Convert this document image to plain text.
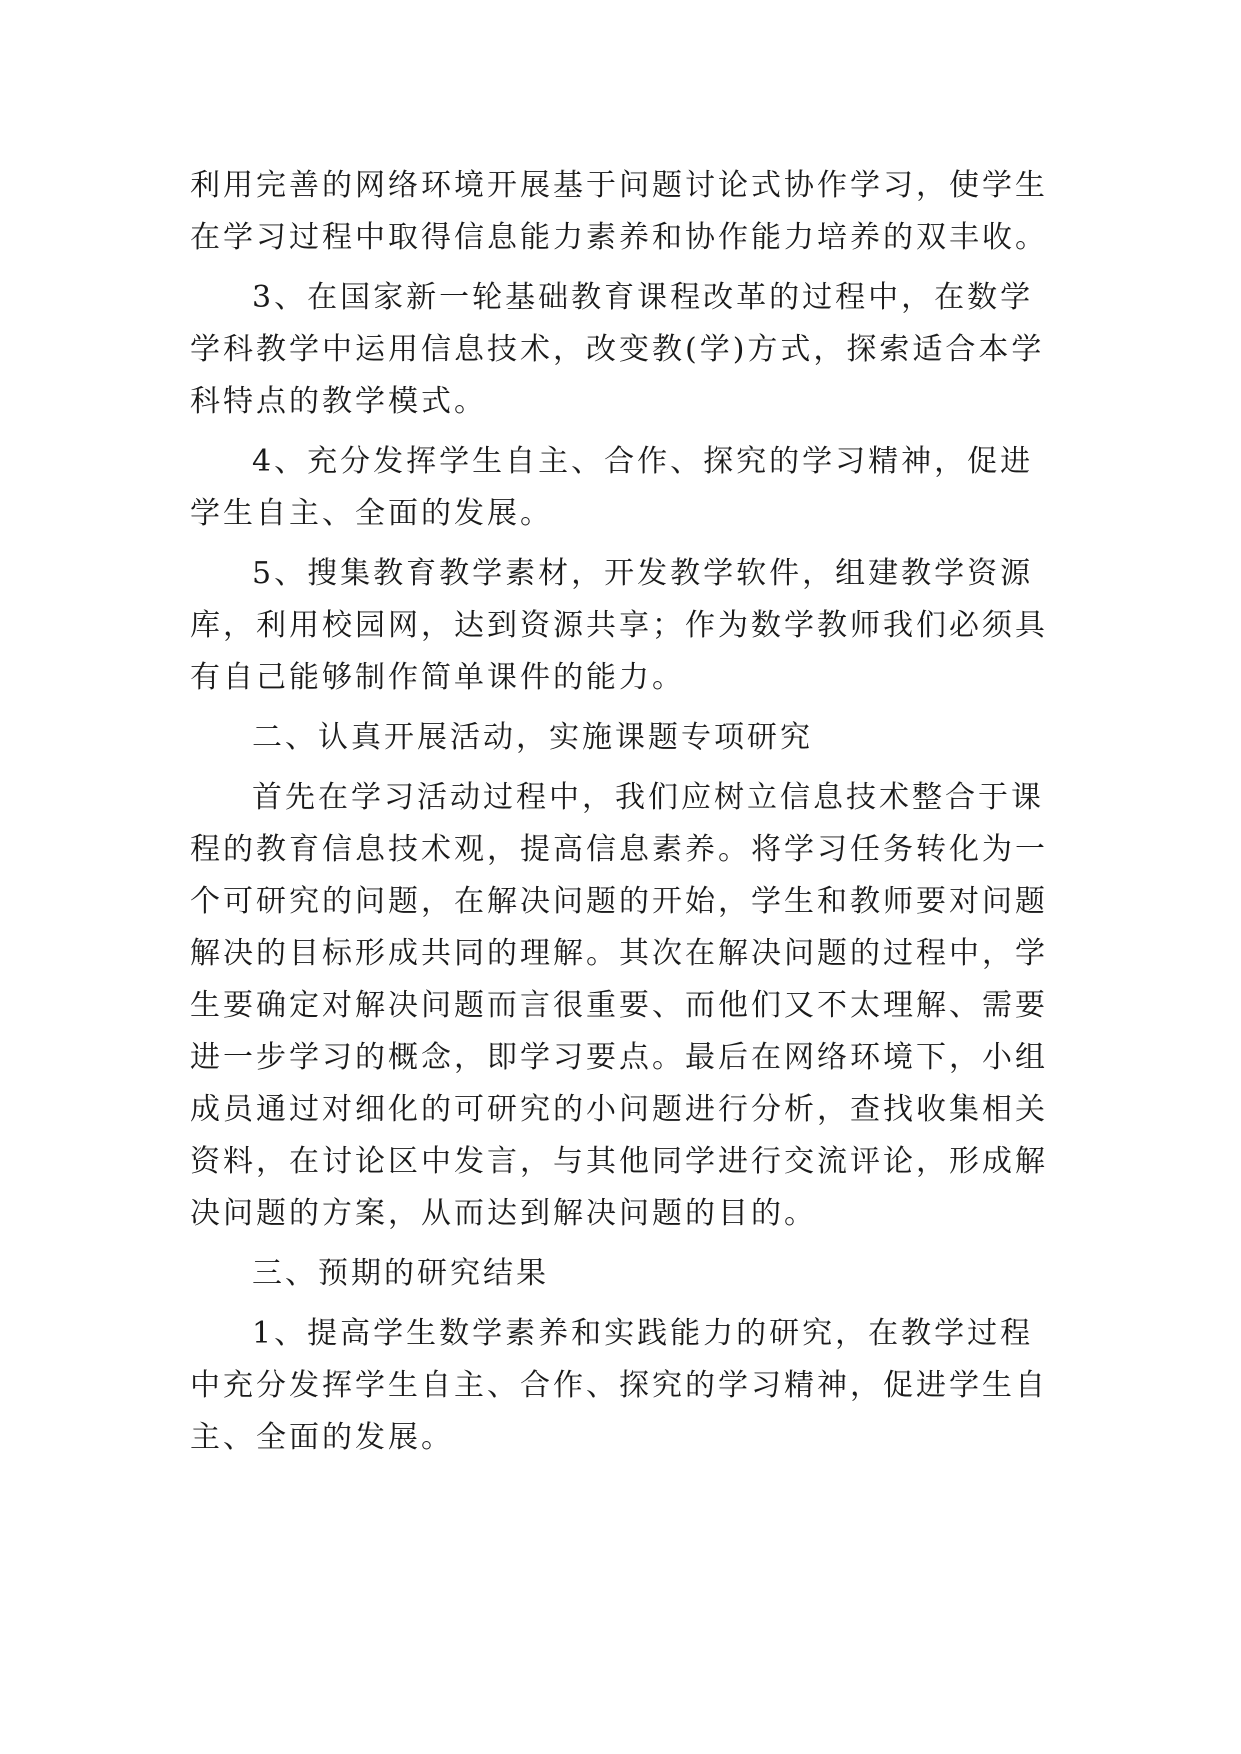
利用完善的网络环境开展基于问题讨论式协作学习，使学生
在学习过程中取得信息能力素养和协作能力培养的双丰收。
3、在国家新一轮基础教育课程改革的过程中，在数学
学科教学中运用信息技术，改变教(学)方式，探索适合本学
科特点的教学模式。
4、充分发挥学生自主、合作、探究的学习精神，促进
学生自主、全面的发展。
5、搜集教育教学素材，开发教学软件，组建教学资源
库，利用校园网，达到资源共享；作为数学教师我们必须具
有自己能够制作简单课件的能力。
二、认真开展活动，实施课题专项研究
首先在学习活动过程中，我们应树立信息技术整合于课
程的教育信息技术观，提高信息素养。将学习任务转化为一
个可研究的问题，在解决问题的开始，学生和教师要对问题
解决的目标形成共同的理解。其次在解决问题的过程中，学
生要确定对解决问题而言很重要、而他们又不太理解、需要
进一步学习的概念，即学习要点。最后在网络环境下，小组
成员通过对细化的可研究的小问题进行分析，查找收集相关
资料，在讨论区中发言，与其他同学进行交流评论，形成解
决问题的方案，从而达到解决问题的目的。
三、预期的研究结果
1、提高学生数学素养和实践能力的研究，在教学过程
中充分发挥学生自主、合作、探究的学习精神，促进学生自
主、全面的发展。
